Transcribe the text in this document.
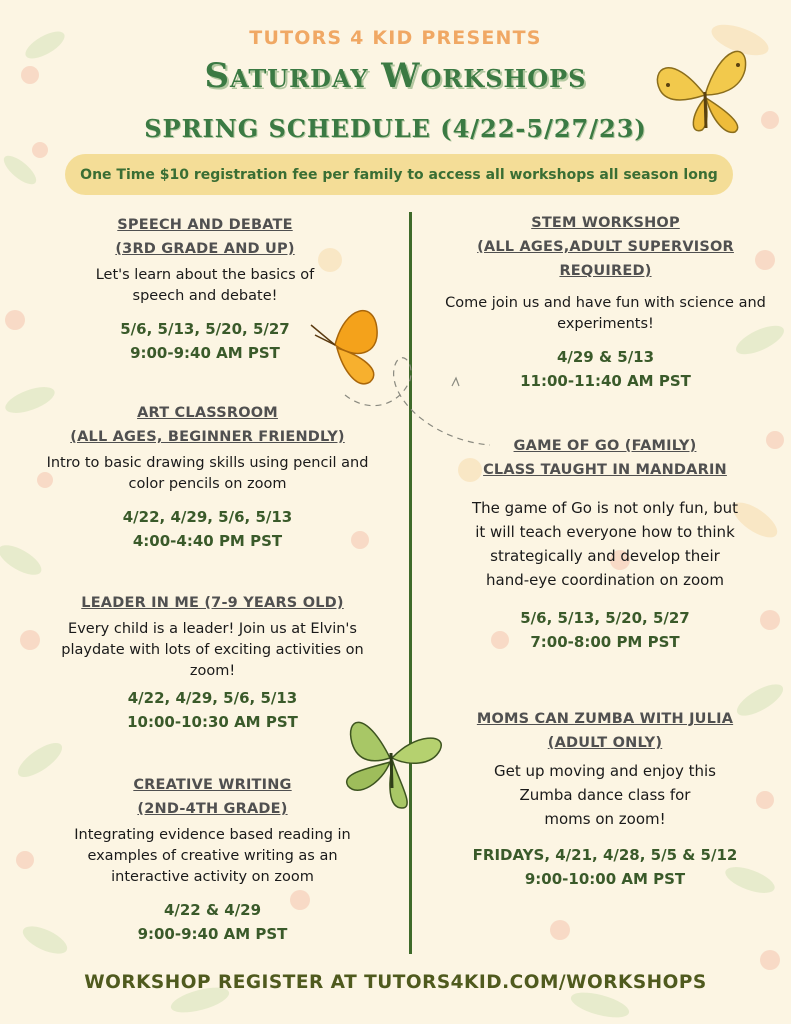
TUTORS 4 KID PRESENTS
Saturday Workshops
SPRING SCHEDULE (4/22-5/27/23)
One Time $10 registration fee per family to access all workshops all season long
SPEECH AND DEBATE
(3RD GRADE AND UP)
Let's learn about the basics of
speech and debate!
5/6, 5/13, 5/20, 5/27
9:00-9:40 AM PST
ART CLASSROOM
(ALL AGES, BEGINNER FRIENDLY)
Intro to basic drawing skills using pencil and
color pencils on zoom
4/22, 4/29, 5/6, 5/13
4:00-4:40 PM PST
LEADER IN ME (7-9 YEARS OLD)
Every child is a leader! Join us at Elvin's
playdate with lots of exciting activities on
zoom!
4/22, 4/29, 5/6, 5/13
10:00-10:30 AM PST
CREATIVE WRITING
(2ND-4TH GRADE)
Integrating evidence based reading in
examples of creative writing as an
interactive activity on zoom
4/22 & 4/29
9:00-9:40 AM PST
STEM WORKSHOP
(ALL AGES,ADULT SUPERVISOR
REQUIRED)
Come join us and have fun with science and
experiments!
4/29 & 5/13
11:00-11:40 AM PST
GAME OF GO (FAMILY)
CLASS TAUGHT IN MANDARIN
The game of Go is not only fun, but
it will teach everyone how to think
strategically and develop their
hand-eye coordination on zoom
5/6, 5/13, 5/20, 5/27
7:00-8:00 PM PST
MOMS CAN ZUMBA WITH JULIA
(ADULT ONLY)
Get up moving and enjoy this
Zumba dance class for
moms on zoom!
FRIDAYS, 4/21, 4/28, 5/5 & 5/12
9:00-10:00 AM PST
WORKSHOP REGISTER AT TUTORS4KID.COM/WORKSHOPS
